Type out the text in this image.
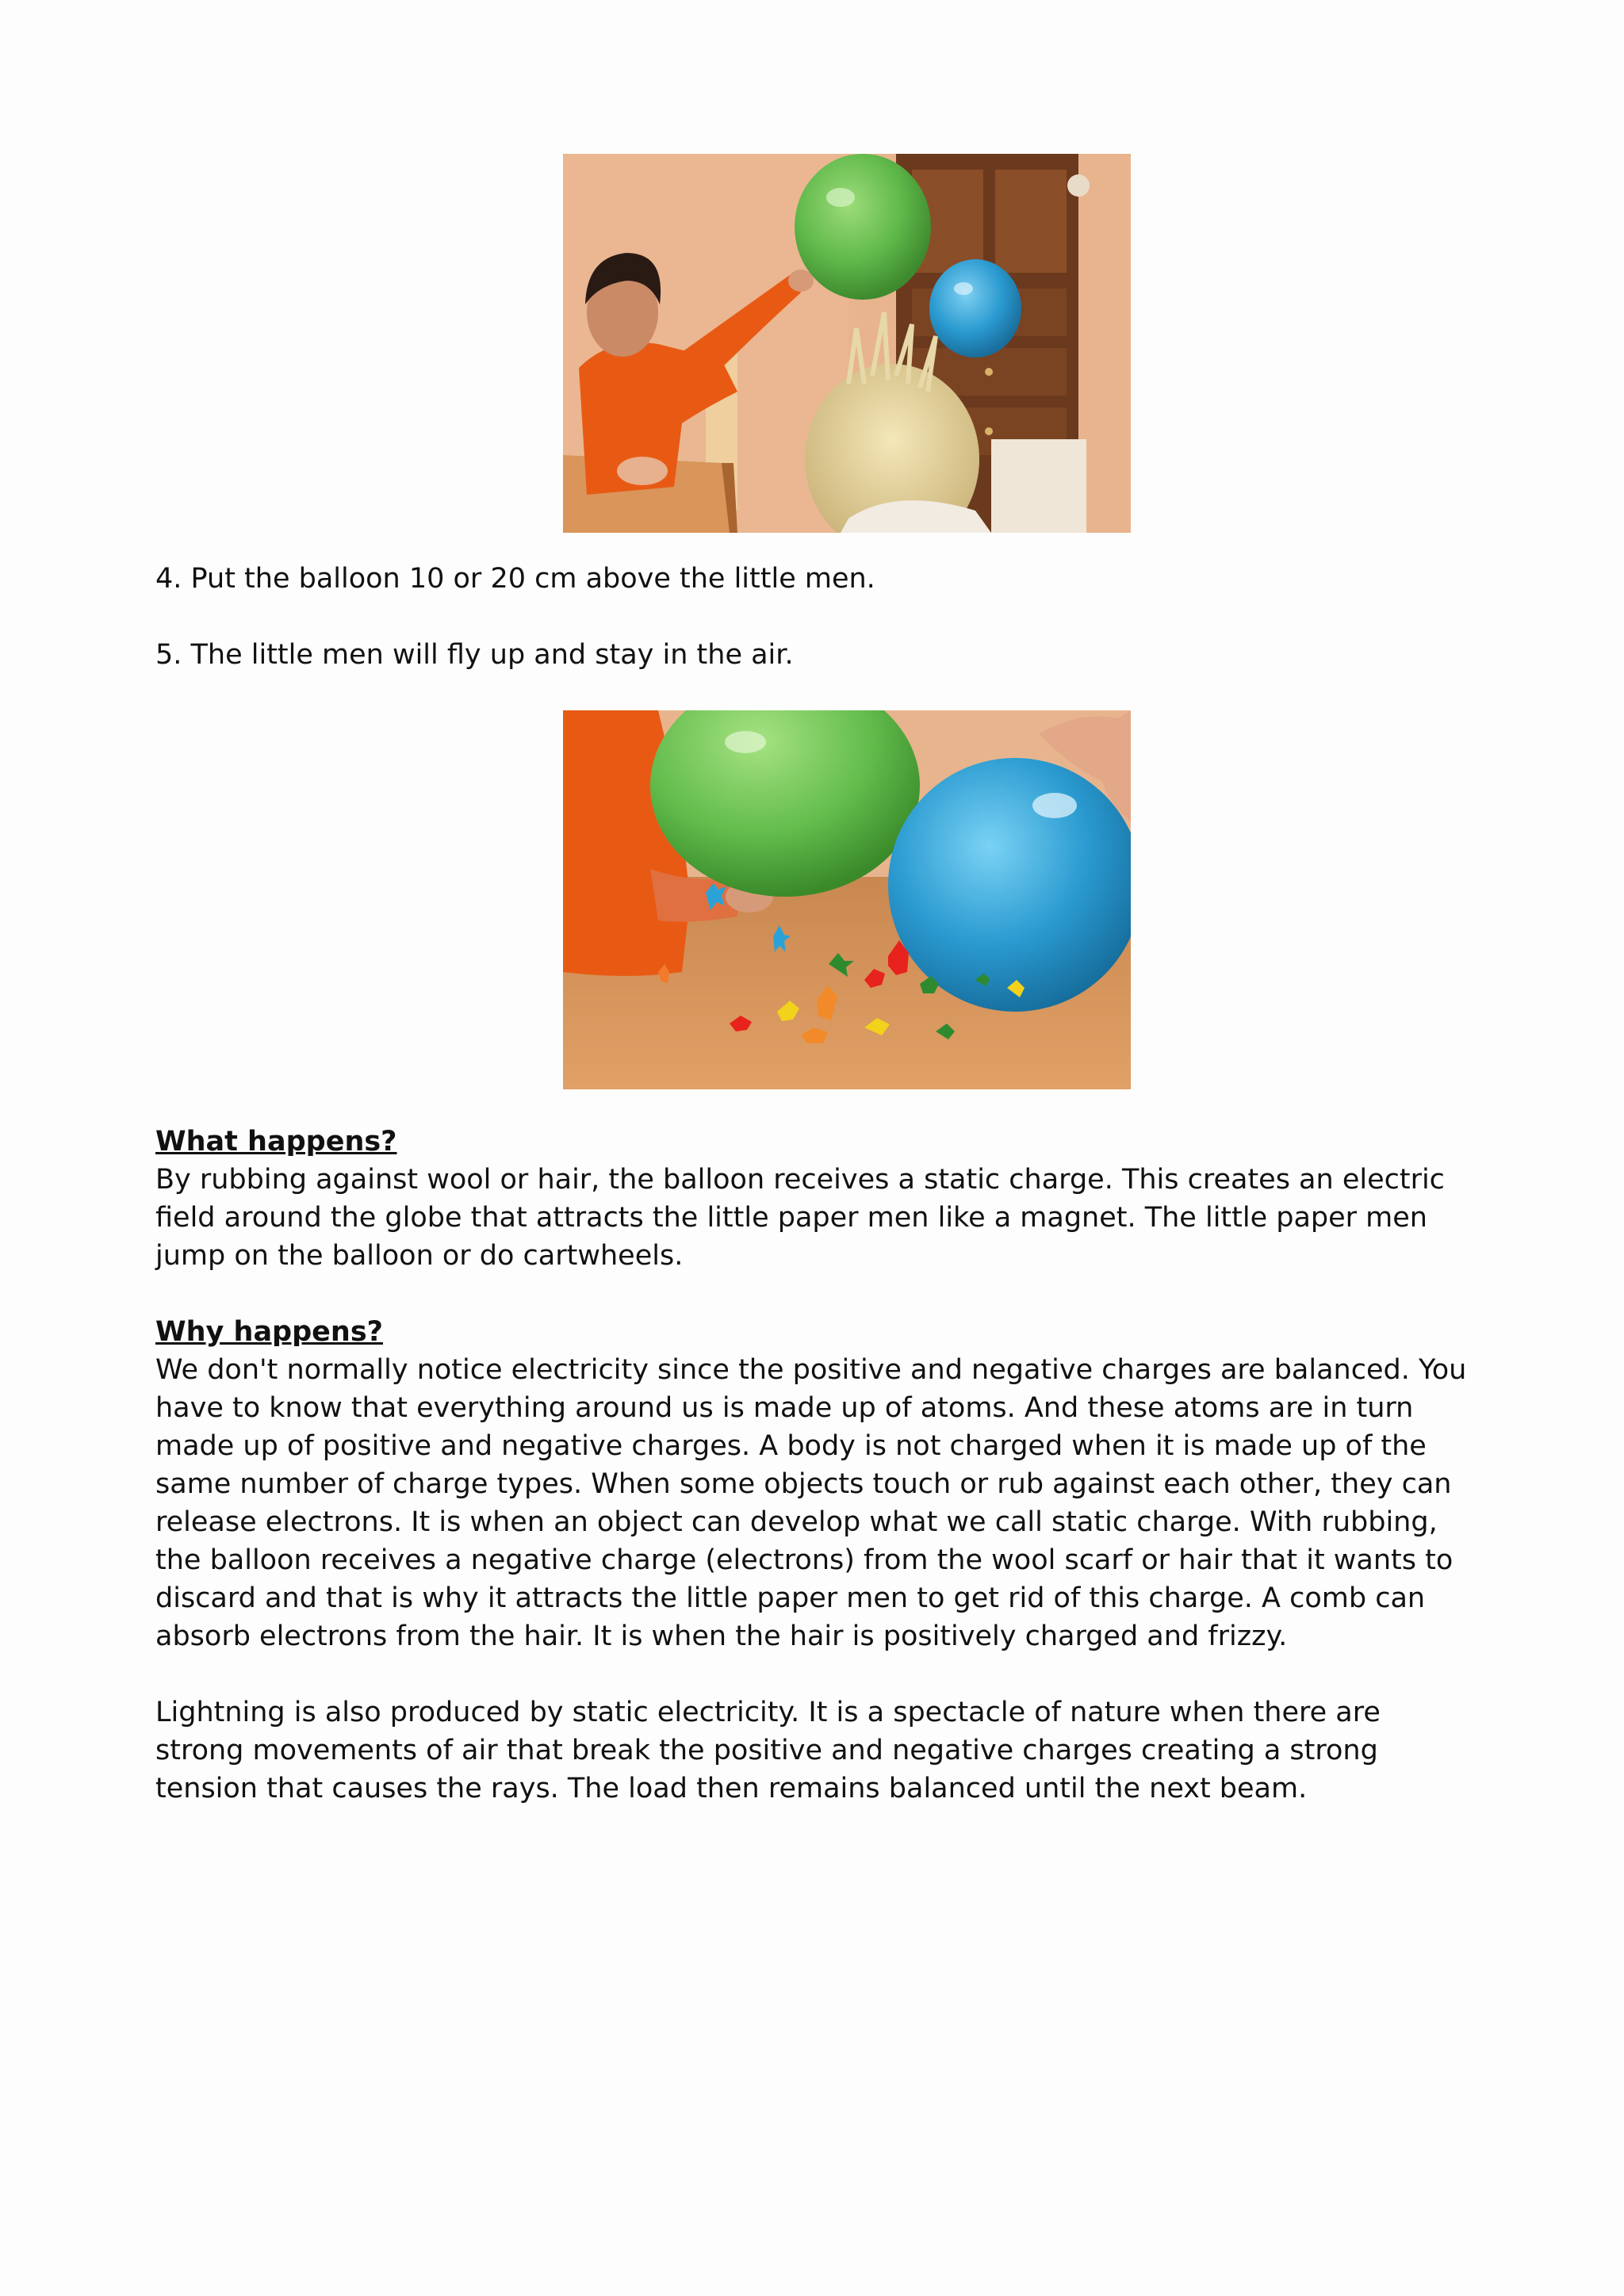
4. Put the balloon 10 or 20 cm above the little men.

5. The little men will fly up and stay in the air.

What happens?
By rubbing against wool or hair, the balloon receives a static charge. This creates an electric field around the globe that attracts the little paper men like a magnet. The little paper men jump on the balloon or do cartwheels.
Why happens?
We don't normally notice electricity since the positive and negative charges are balanced. You have to know that everything around us is made up of atoms. And these atoms are in turn made up of positive and negative charges. A body is not charged when it is made up of the same number of charge types. When some objects touch or rub against each other, they can release electrons. It is when an object can develop what we call static charge. With rubbing, the balloon receives a negative charge (electrons) from the wool scarf or hair that it wants to discard and that is why it attracts the little paper men to get rid of this charge. A comb can absorb electrons from the hair. It is when the hair is positively charged and frizzy.
Lightning is also produced by static electricity. It is a spectacle of nature when there are strong movements of air that break the positive and negative charges creating a strong tension that causes the rays. The load then remains balanced until the next beam.
